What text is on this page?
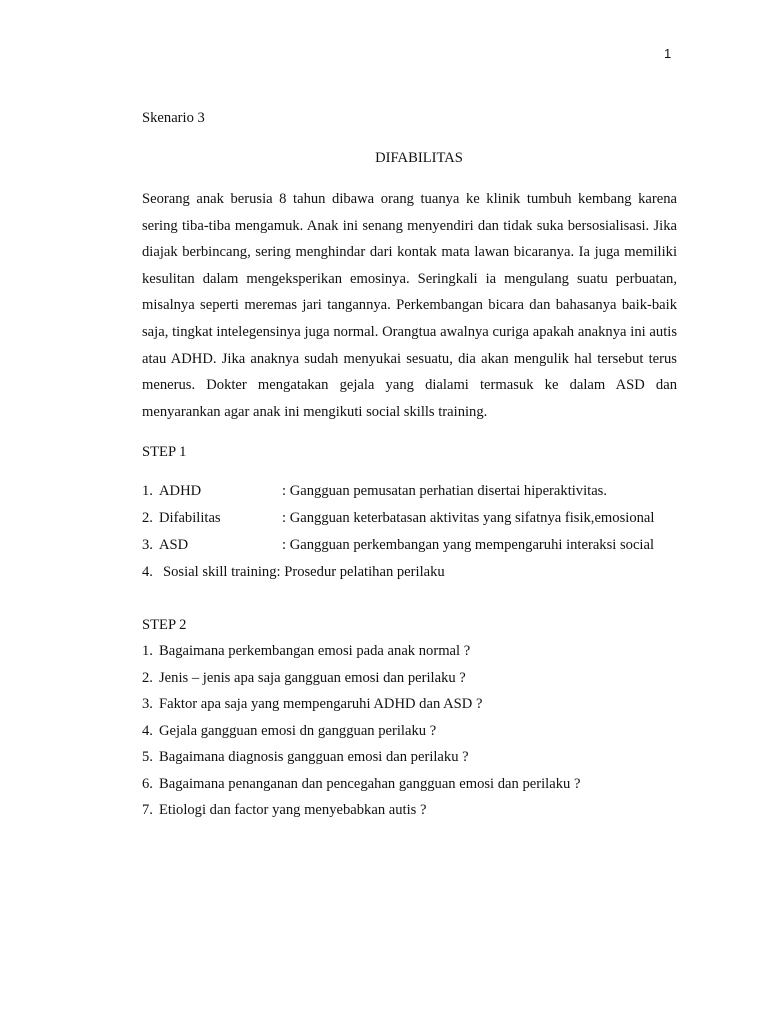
1
Skenario 3
DIFABILITAS

Seorang anak berusia 8 tahun dibawa orang tuanya ke klinik tumbuh kembang karena sering tiba-tiba mengamuk. Anak ini senang menyendiri dan tidak suka bersosialisasi. Jika diajak berbincang, sering menghindar dari kontak mata lawan bicaranya. Ia juga memiliki kesulitan dalam mengeksperikan emosinya. Seringkali ia mengulang suatu perbuatan, misalnya seperti meremas jari tangannya. Perkembangan bicara dan bahasanya baik-baik saja, tingkat intelegensinya juga normal. Orangtua awalnya curiga apakah anaknya ini autis atau ADHD. Jika anaknya sudah menyukai sesuatu, dia akan mengulik hal tersebut terus menerus. Dokter mengatakan gejala yang dialami termasuk ke dalam ASD dan menyarankan agar anak ini mengikuti social skills training.

STEP 1
1. ADHD	: Gangguan pemusatan perhatian disertai hiperaktivitas.
2. Difabilitas	: Gangguan keterbatasan aktivitas yang sifatnya fisik,emosional
3. ASD	: Gangguan perkembangan yang mempengaruhi interaksi social
4. Sosial skill training: Prosedur pelatihan perilaku
STEP 2
1. Bagaimana perkembangan emosi pada anak normal ?
2. Jenis – jenis apa saja gangguan emosi dan perilaku ?
3. Faktor apa saja yang mempengaruhi ADHD dan ASD ?
4. Gejala gangguan emosi dn gangguan perilaku ?
5. Bagaimana diagnosis gangguan emosi dan perilaku ?
6. Bagaimana penanganan dan pencegahan gangguan emosi dan perilaku ?
7. Etiologi dan factor yang menyebabkan autis ?
